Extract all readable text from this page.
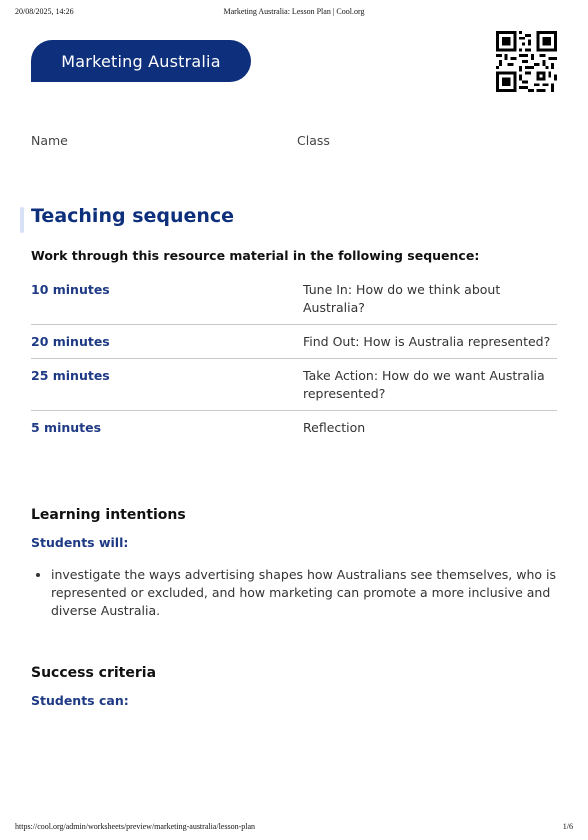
20/08/2025, 14:26	Marketing Australia: Lesson Plan | Cool.org
Marketing Australia
Name	Class
Teaching sequence

Work through this resource material in the following sequence:

10 minutes	Tune In: How do we think about Australia?
20 minutes	Find Out: How is Australia represented?
25 minutes	Take Action: How do we want Australia represented?
5 minutes	Reflection
Learning intentions

Students will:

• investigate the ways advertising shapes how Australians see themselves, who is represented or excluded, and how marketing can promote a more inclusive and diverse Australia.
Success criteria

Students can:

https://cool.org/admin/worksheets/preview/marketing-australia/lesson-plan	1/6
